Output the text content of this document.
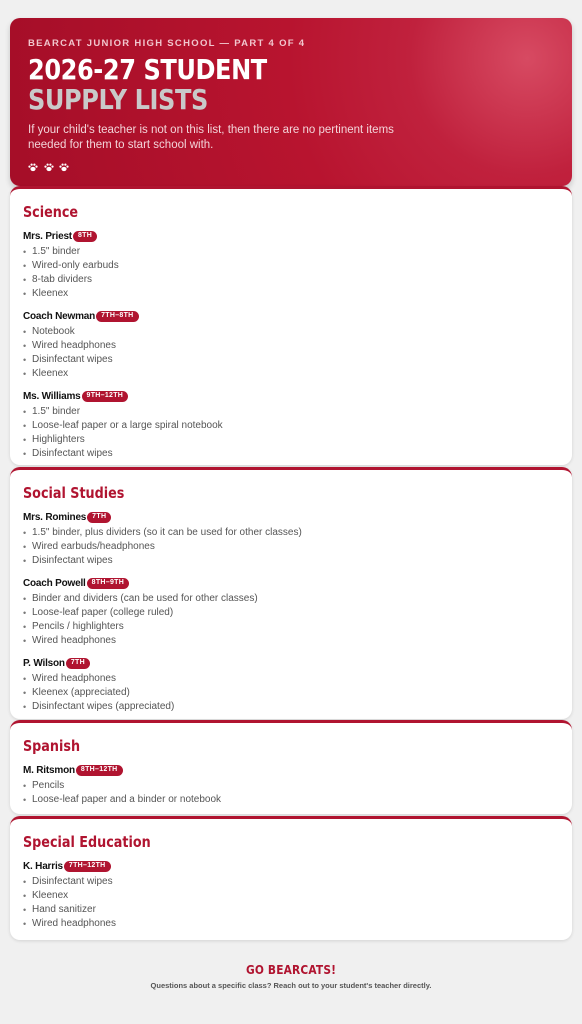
BEARCAT JUNIOR HIGH SCHOOL — PART 4 OF 4
2026-27 STUDENT
SUPPLY LISTS
If your child's teacher is not on this list, then there are no pertinent items needed for them to start school with.

Science
Mrs. Priest 8TH
• 1.5" binder
• Wired-only earbuds
• 8-tab dividers
• Kleenex
Coach Newman 7TH–8TH
• Notebook
• Wired headphones
• Disinfectant wipes
• Kleenex
Ms. Williams 9TH–12TH
• 1.5" binder
• Loose-leaf paper or a large spiral notebook
• Highlighters
• Disinfectant wipes
Social Studies
Mrs. Romines 7TH
• 1.5" binder, plus dividers (so it can be used for other classes)
• Wired earbuds/headphones
• Disinfectant wipes
Coach Powell 8TH–9TH
• Binder and dividers (can be used for other classes)
• Loose-leaf paper (college ruled)
• Pencils / highlighters
• Wired headphones
P. Wilson 7TH
• Wired headphones
• Kleenex (appreciated)
• Disinfectant wipes (appreciated)
Spanish
M. Ritsmon 8TH–12TH
• Pencils
• Loose-leaf paper and a binder or notebook
Special Education
K. Harris 7TH–12TH
• Disinfectant wipes
• Kleenex
• Hand sanitizer
• Wired headphones
GO BEARCATS!
Questions about a specific class? Reach out to your student's teacher directly.
